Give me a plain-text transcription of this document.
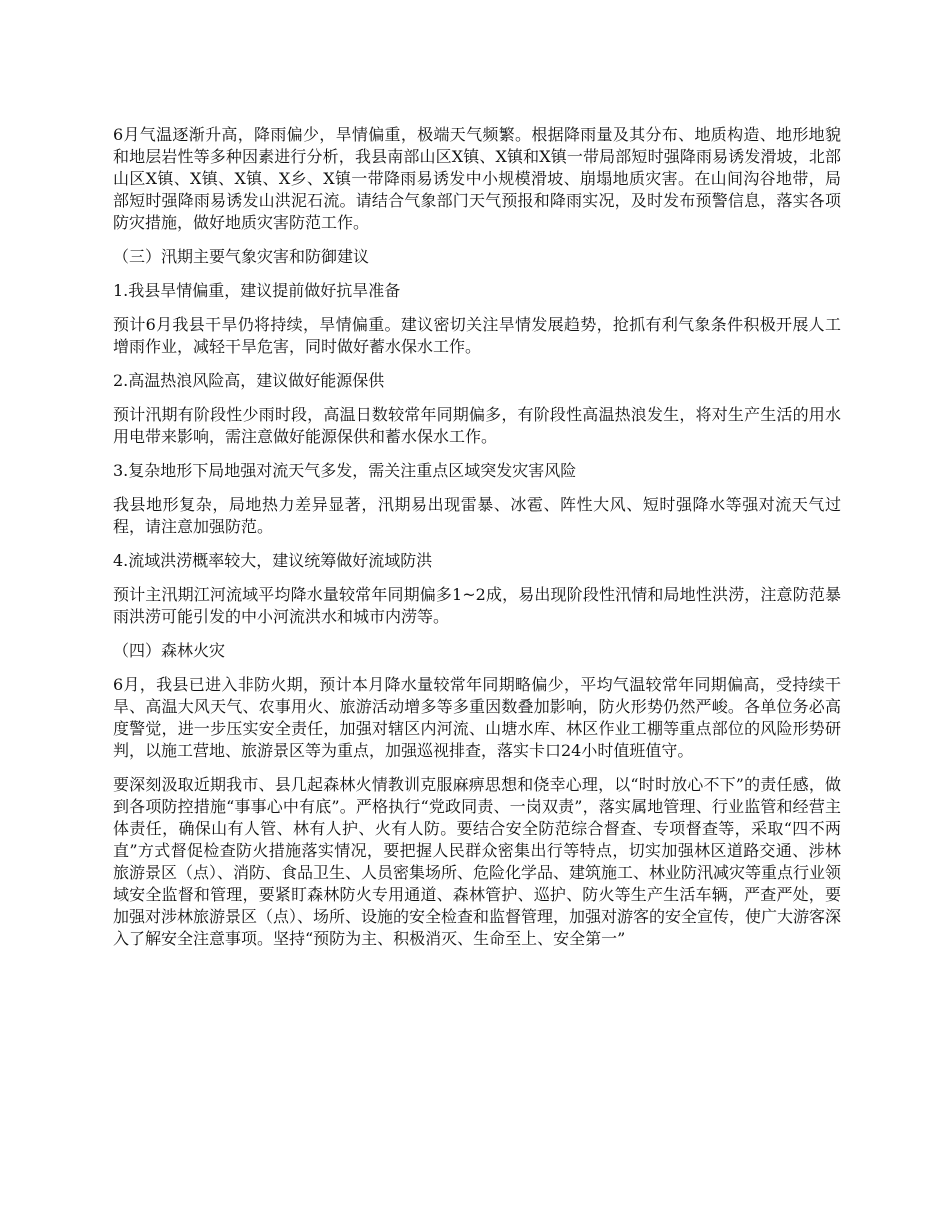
6月气温逐渐升高，降雨偏少，旱情偏重，极端天气频繁。根据降雨量及其分布、地质构造、地形地貌和地层岩性等多种因素进行分析，我县南部山区X镇、X镇和X镇一带局部短时强降雨易诱发滑坡，北部山区X镇、X镇、X镇、X乡、X镇一带降雨易诱发中小规模滑坡、崩塌地质灾害。在山间沟谷地带，局部短时强降雨易诱发山洪泥石流。请结合气象部门天气预报和降雨实况，及时发布预警信息，落实各项防灾措施，做好地质灾害防范工作。

（三）汛期主要气象灾害和防御建议

1.我县旱情偏重，建议提前做好抗旱准备

预计6月我县干旱仍将持续，旱情偏重。建议密切关注旱情发展趋势，抢抓有利气象条件积极开展人工增雨作业，减轻干旱危害，同时做好蓄水保水工作。

2.高温热浪风险高，建议做好能源保供

预计汛期有阶段性少雨时段，高温日数较常年同期偏多，有阶段性高温热浪发生，将对生产生活的用水用电带来影响，需注意做好能源保供和蓄水保水工作。

3.复杂地形下局地强对流天气多发，需关注重点区域突发灾害风险

我县地形复杂，局地热力差异显著，汛期易出现雷暴、冰雹、阵性大风、短时强降水等强对流天气过程，请注意加强防范。

4.流域洪涝概率较大，建议统筹做好流域防洪

预计主汛期江河流域平均降水量较常年同期偏多1~2成，易出现阶段性汛情和局地性洪涝，注意防范暴雨洪涝可能引发的中小河流洪水和城市内涝等。

（四）森林火灾

6月，我县已进入非防火期，预计本月降水量较常年同期略偏少，平均气温较常年同期偏高，受持续干旱、高温大风天气、农事用火、旅游活动增多等多重因数叠加影响，防火形势仍然严峻。各单位务必高度警觉，进一步压实安全责任，加强对辖区内河流、山塘水库、林区作业工棚等重点部位的风险形势研判，以施工营地、旅游景区等为重点，加强巡视排查，落实卡口24小时值班值守。

要深刻汲取近期我市、县几起森林火情教训克服麻痹思想和侥幸心理，以“时时放心不下”的责任感，做到各项防控措施“事事心中有底”。严格执行“党政同责、一岗双责”，落实属地管理、行业监管和经营主体责任，确保山有人管、林有人护、火有人防。要结合安全防范综合督查、专项督查等，采取“四不两直”方式督促检查防火措施落实情况，要把握人民群众密集出行等特点，切实加强林区道路交通、涉林旅游景区（点）、消防、食品卫生、人员密集场所、危险化学品、建筑施工、林业防汛减灾等重点行业领域安全监督和管理，要紧盯森林防火专用通道、森林管护、巡护、防火等生产生活车辆，严查严处，要加强对涉林旅游景区（点）、场所、设施的安全检查和监督管理，加强对游客的安全宣传，使广大游客深入了解安全注意事项。坚持“预防为主、积极消灭、生命至上、安全第一”
